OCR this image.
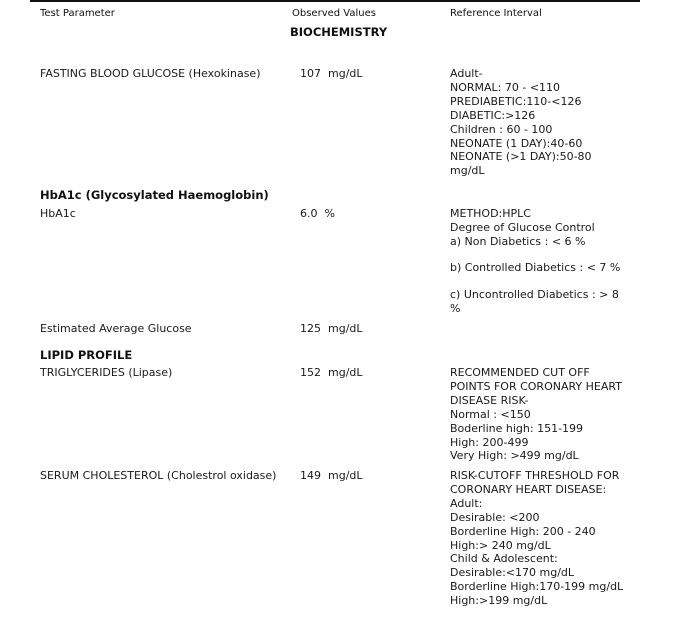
Test Parameter	Observed Values	Reference Interval
BIOCHEMISTRY
FASTING BLOOD GLUCOSE (Hexokinase)	107 mg/dL	Adult-
NORMAL: 70 - <110
PREDIABETIC:110-<126
DIABETIC:>126
Children : 60 - 100
NEONATE (1 DAY):40-60
NEONATE (>1 DAY):50-80
mg/dL
HbA1c (Glycosylated Haemoglobin)
HbA1c	6.0 %	METHOD:HPLC
Degree of Glucose Control
a) Non Diabetics : < 6 %
b) Controlled Diabetics : < 7 %
c) Uncontrolled Diabetics : > 8
%
Estimated Average Glucose	125 mg/dL
LIPID PROFILE
TRIGLYCERIDES (Lipase)	152 mg/dL	RECOMMENDED CUT OFF
POINTS FOR CORONARY HEART
DISEASE RISK-
Normal : <150
Boderline high: 151-199
High: 200-499
Very High: >499 mg/dL
SERUM CHOLESTEROL (Cholestrol oxidase) 149 mg/dL	RISK-CUTOFF THRESHOLD FOR
CORONARY HEART DISEASE:
Adult:
Desirable: <200
Borderline High: 200 - 240
High:> 240 mg/dL
Child & Adolescent:
Desirable:<170 mg/dL
Borderline High:170-199 mg/dL
High:>199 mg/dL
